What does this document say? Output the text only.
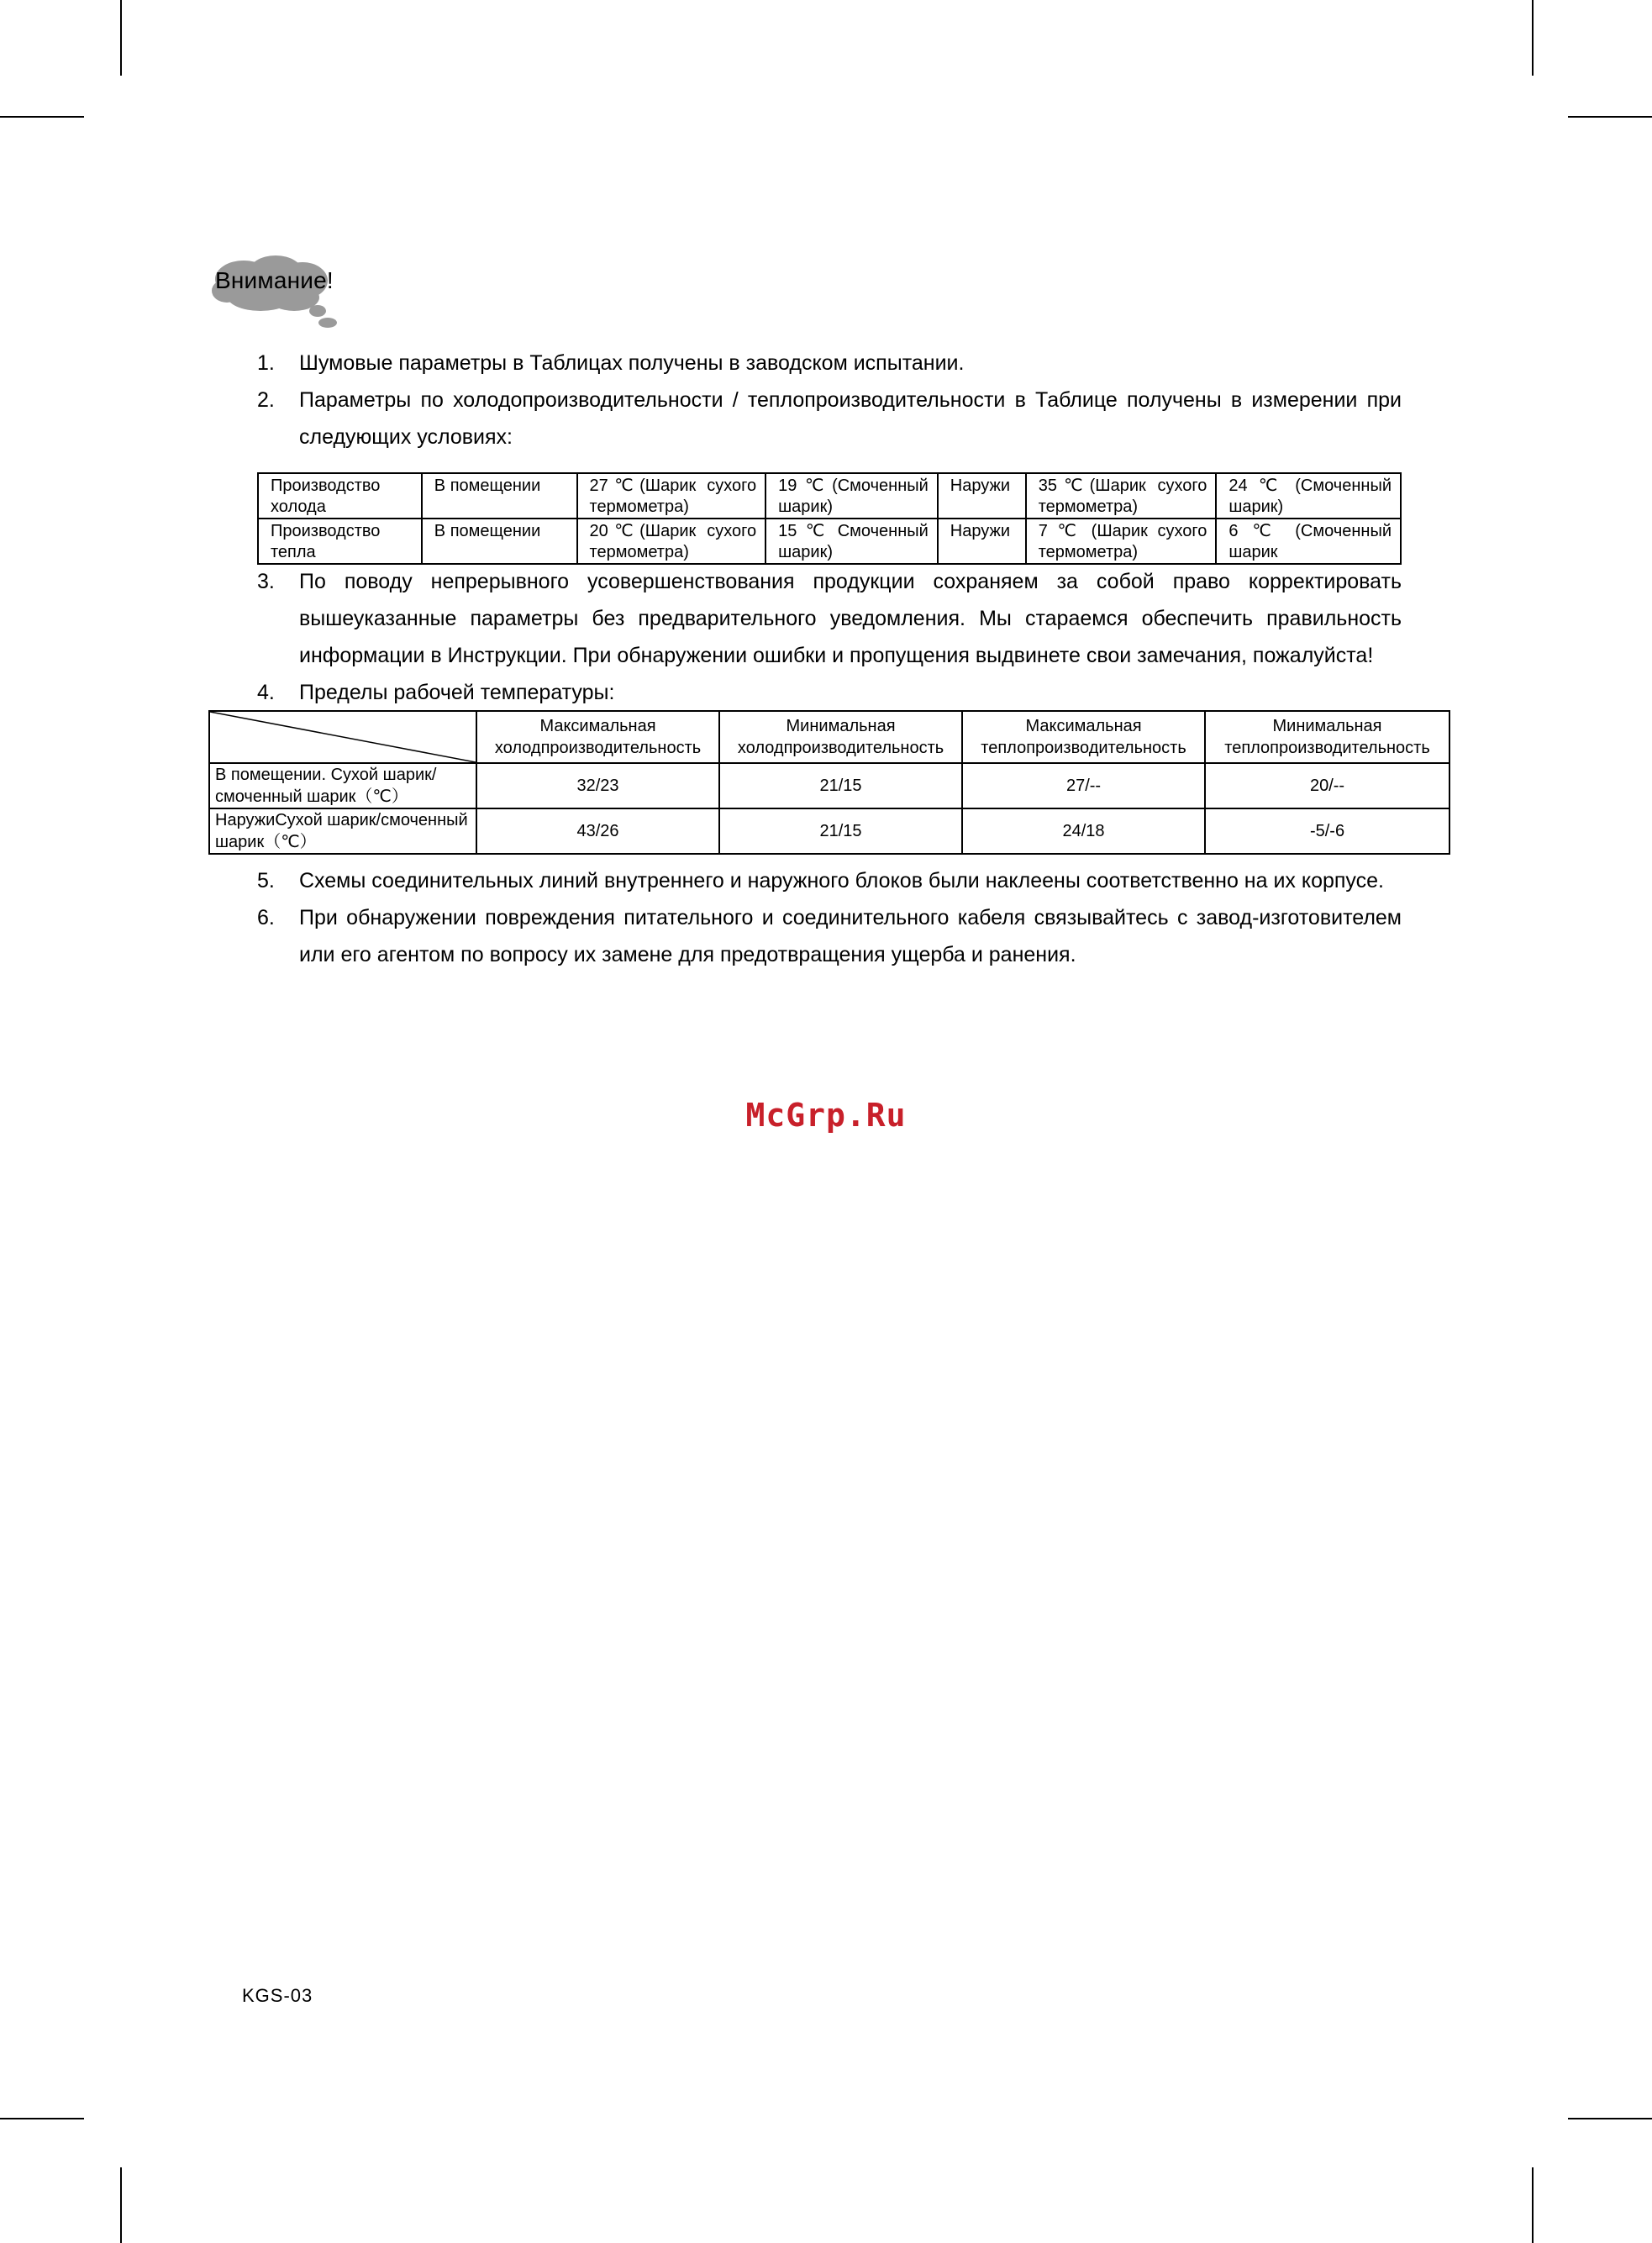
Внимание!
1. Шумовые параметры в Таблицах получены в заводском испытании.
2. Параметры по холодопроизводительности / теплопроизводительности в Таблице получены в измерении при следующих условиях:
Производство холода	В помещении	27℃(Шарик сухого термометра)	19℃(Смоченный шарик)	Наружи	35℃(Шарик сухого термометра)	24 ℃ (Смоченный шарик)
Производство тепла	В помещении	20℃(Шарик сухого термометра)	15 ℃ Смоченный шарик)	Наружи	7 ℃ (Шарик сухого термометра)	6 ℃ (Смоченный шарик
3. По поводу непрерывного усовершенствования продукции сохраняем за собой право корректировать вышеуказанные параметры без предварительного уведомления. Мы стараемся обеспечить правильность информации в Инструкции. При обнаружении ошибки и пропущения выдвинете свои замечания, пожалуйста!
4. Пределы рабочей температуры:
	Максимальная холодпроизводительность	Минимальная холодпроизводительность	Максимальная теплопроизводительность	Минимальная теплопроизводительность
В помещении. Сухой шарик/смоченный шарик（℃）	32/23	21/15	27/--	20/--
НаружиСухой шарик/смоченный шарик（℃）	43/26	21/15	24/18	-5/-6
5. Схемы соединительных линий внутреннего и наружного блоков были наклеены соответственно на их корпусе.
6. При обнаружении повреждения питательного и соединительного кабеля связывайтесь с завод-изготовителем или его агентом по вопросу их замене для предотвращения ущерба и ранения.
McGrp.Ru
KGS-03
